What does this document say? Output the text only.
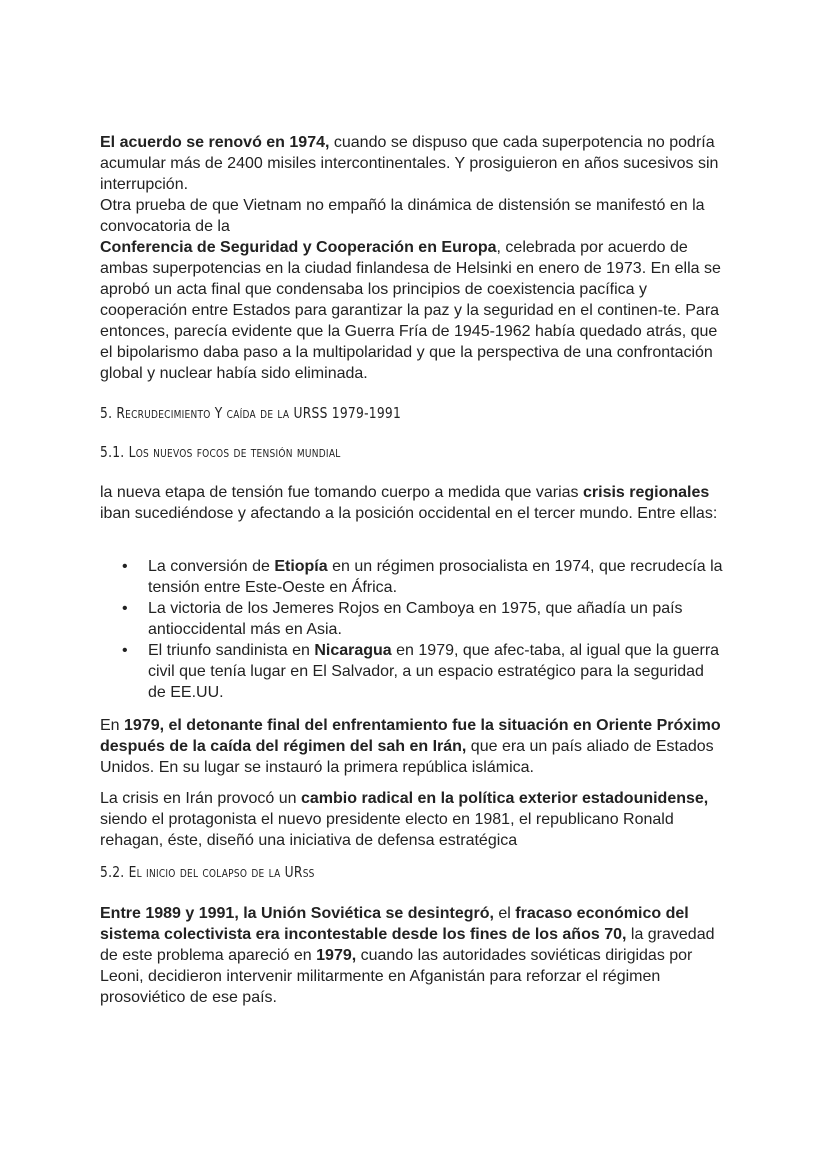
El acuerdo se renovó en 1974, cuando se dispuso que cada superpotencia no podría acumular más de 2400 misiles intercontinentales. Y prosiguieron en años sucesivos sin interrupción.
Otra prueba de que Vietnam no empañó la dinámica de distensión se manifestó en la convocatoria de la
Conferencia de Seguridad y Cooperación en Europa, celebrada por acuerdo de ambas superpotencias en la ciudad finlandesa de Helsinki en enero de 1973. En ella se aprobó un acta final que condensaba los principios de coexistencia pacífica y cooperación entre Estados para garantizar la paz y la seguridad en el continen-te. Para entonces, parecía evidente que la Guerra Fría de 1945-1962 había quedado atrás, que el bipolarismo daba paso a la multipolaridad y que la perspectiva de una confrontación global y nuclear había sido eliminada.
5. Recrudecimiento Y caída de la URSS 1979-1991
5.1. Los nuevos focos de tensión mundial
la nueva etapa de tensión fue tomando cuerpo a medida que varias crisis regionales iban sucediéndose y afectando a la posición occidental en el tercer mundo. Entre ellas:
• La conversión de Etiopía en un régimen prosocialista en 1974, que recrudecía la tensión entre Este-Oeste en África.
• La victoria de los Jemeres Rojos en Camboya en 1975, que añadía un país antioccidental más en Asia.
• El triunfo sandinista en Nicaragua en 1979, que afec-taba, al igual que la guerra civil que tenía lugar en El Salvador, a un espacio estratégico para la seguridad de EE.UU.
En 1979, el detonante final del enfrentamiento fue la situación en Oriente Próximo después de la caída del régimen del sah en Irán, que era un país aliado de Estados Unidos. En su lugar se instauró la primera república islámica.
La crisis en Irán provocó un cambio radical en la política exterior estadounidense, siendo el protagonista el nuevo presidente electo en 1981, el republicano Ronald rehagan, éste, diseñó una iniciativa de defensa estratégica
5.2. El inicio del colapso de la URss
Entre 1989 y 1991, la Unión Soviética se desintegró, el fracaso económico del sistema colectivista era incontestable desde los fines de los años 70, la gravedad de este problema apareció en 1979, cuando las autoridades soviéticas dirigidas por Leoni, decidieron intervenir militarmente en Afganistán para reforzar el régimen prosoviético de ese país.
